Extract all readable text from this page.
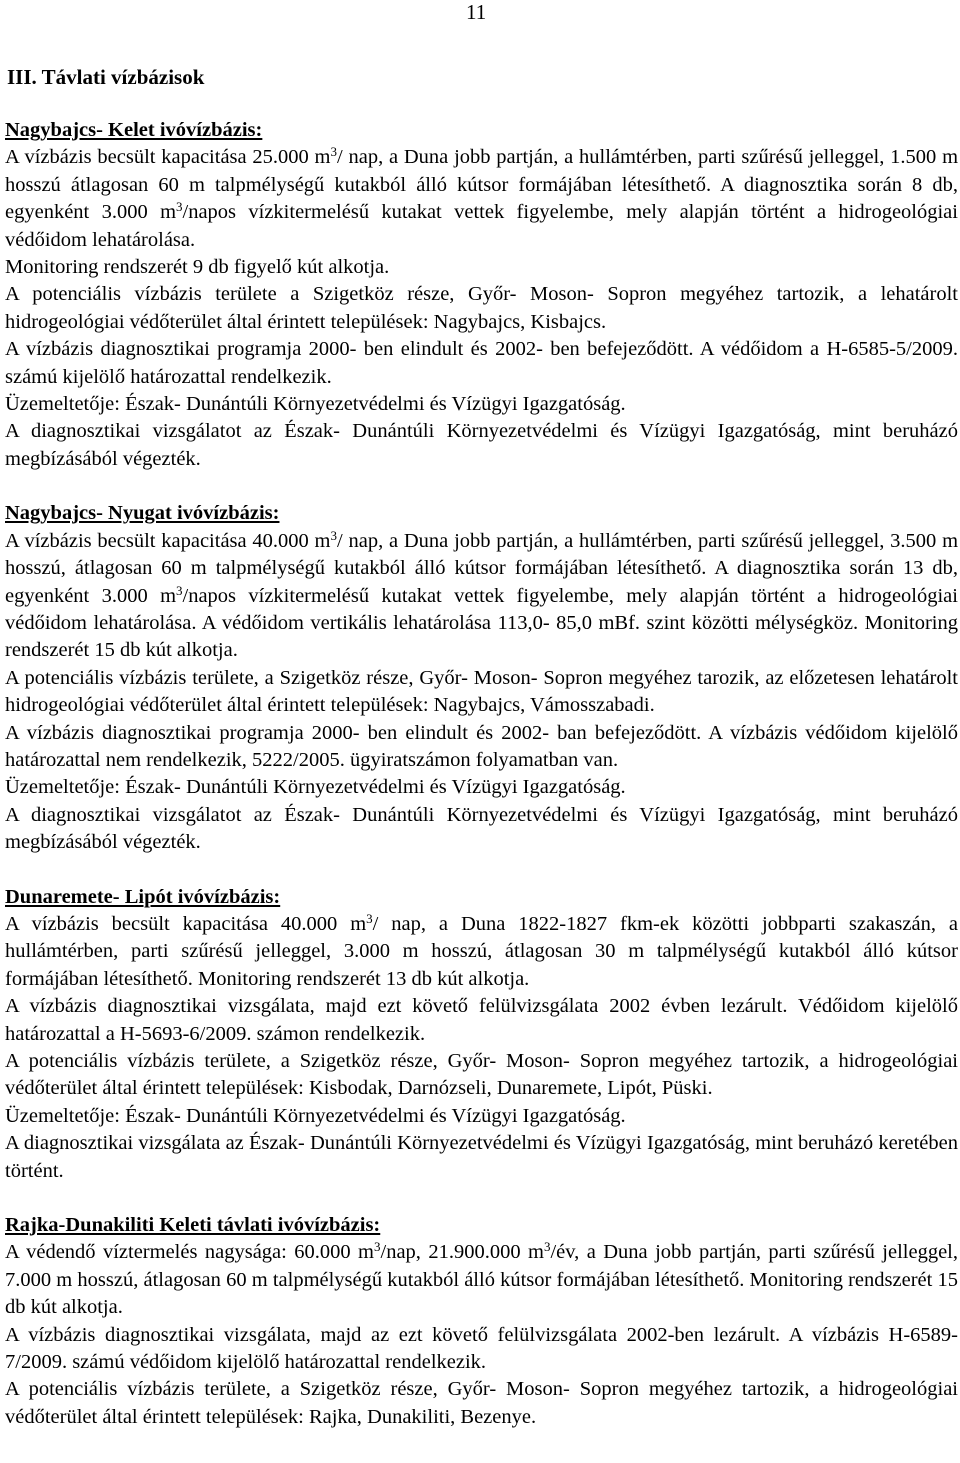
11
III. Távlati vízbázisok
Nagybajcs- Kelet ivóvízbázis:
A vízbázis becsült kapacitása 25.000 $m^3/$ nap, a Duna jobb partján, a hullámtérben, parti szűrésű jelleggel, 1.500 m hosszú átlagosan 60 m talpmélységű kutakból álló kútsor formájában létesíthető. A diagnosztika során 8 db, egyenként 3.000 $m^3$/napos vízkitermelésű kutakat vettek figyelembe, mely alapján történt a hidrogeológiai védőidom lehatárolása.
Monitoring rendszerét 9 db figyelő kút alkotja.
A potenciális vízbázis területe a Szigetköz része, Győr- Moson- Sopron megyéhez tartozik, a lehatárolt hidrogeológiai védőterület által érintett települések: Nagybajcs, Kisbajcs.
A vízbázis diagnosztikai programja 2000- ben elindult és 2002- ben befejeződött. A védőidom a H-6585-5/2009. számú kijelölő határozattal rendelkezik.
Üzemeltetője: Észak- Dunántúli Környezetvédelmi és Vízügyi Igazgatóság.
A diagnosztikai vizsgálatot az Észak- Dunántúli Környezetvédelmi és Vízügyi Igazgatóság, mint beruházó megbízásából végezték.
Nagybajcs- Nyugat ivóvízbázis:
A vízbázis becsült kapacitása 40.000 $m^3/$ nap, a Duna jobb partján, a hullámtérben, parti szűrésű jelleggel, 3.500 m hosszú, átlagosan 60 m talpmélységű kutakból álló kútsor formájában létesíthető. A diagnosztika során 13 db, egyenként 3.000 $m^3$/napos vízkitermelésű kutakat vettek figyelembe, mely alapján történt a hidrogeológiai védőidom lehatárolása. A védőidom vertikális lehatárolása 113,0- 85,0 mBf. szint közötti mélységköz. Monitoring rendszerét 15 db kút alkotja.
A potenciális vízbázis területe, a Szigetköz része, Győr- Moson- Sopron megyéhez tarozik, az előzetesen lehatárolt hidrogeológiai védőterület által érintett települések: Nagybajcs, Vámosszabadi.
A vízbázis diagnosztikai programja 2000- ben elindult és 2002- ban befejeződött. A vízbázis védőidom kijelölő határozattal nem rendelkezik, 5222/2005. ügyiratszámon folyamatban van.
Üzemeltetője: Észak- Dunántúli Környezetvédelmi és Vízügyi Igazgatóság.
A diagnosztikai vizsgálatot az Észak- Dunántúli Környezetvédelmi és Vízügyi Igazgatóság, mint beruházó megbízásából végezték.
Dunaremete- Lipót ivóvízbázis:
A vízbázis becsült kapacitása 40.000 $m^3/$ nap, a Duna 1822-1827 fkm-ek közötti jobbparti szakaszán, a hullámtérben, parti szűrésű jelleggel, 3.000 m hosszú, átlagosan 30 m talpmélységű kutakból álló kútsor formájában létesíthető. Monitoring rendszerét 13 db kút alkotja.
A vízbázis diagnosztikai vizsgálata, majd ezt követő felülvizsgálata 2002 évben lezárult. Védőidom kijelölő határozattal a H-5693-6/2009. számon rendelkezik.
A potenciális vízbázis területe, a Szigetköz része, Győr- Moson- Sopron megyéhez tartozik, a hidrogeológiai védőterület által érintett települések: Kisbodak, Darnózseli, Dunaremete, Lipót, Püski.
Üzemeltetője: Észak- Dunántúli Környezetvédelmi és Vízügyi Igazgatóság.
A diagnosztikai vizsgálata az Észak- Dunántúli Környezetvédelmi és Vízügyi Igazgatóság, mint beruházó keretében történt.
Rajka-Dunakiliti Keleti távlati ivóvízbázis:
A védendő víztermelés nagysága: 60.000 $m^3$/nap, 21.900.000 $m^3/év$, a Duna jobb partján, parti szűrésű jelleggel, 7.000 m hosszú, átlagosan 60 m talpmélységű kutakból álló kútsor formájában létesíthető. Monitoring rendszerét 15 db kút alkotja.
A vízbázis diagnosztikai vizsgálata, majd az ezt követő felülvizsgálata 2002-ben lezárult. A vízbázis H-6589-7/2009. számú védőidom kijelölő határozattal rendelkezik.
A potenciális vízbázis területe, a Szigetköz része, Győr- Moson- Sopron megyéhez tartozik, a hidrogeológiai védőterület által érintett települések: Rajka, Dunakiliti, Bezenye.
